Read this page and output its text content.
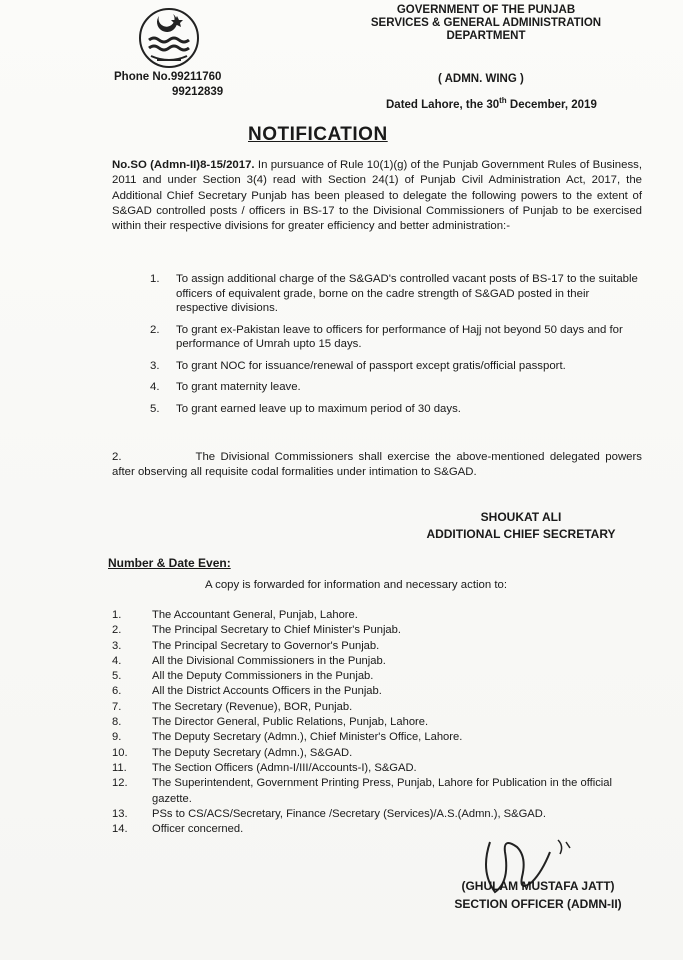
Phone No.99211760
99212839
GOVERNMENT OF THE PUNJAB
SERVICES & GENERAL ADMINISTRATION
DEPARTMENT
( ADMN. WING )
Dated Lahore, the 30th December, 2019
NOTIFICATION
No.SO (Admn-II)8-15/2017. In pursuance of Rule 10(1)(g) of the Punjab Government Rules of Business, 2011 and under Section 3(4) read with Section 24(1) of Punjab Civil Administration Act, 2017, the Additional Chief Secretary Punjab has been pleased to delegate the following powers to the extent of S&GAD controlled posts / officers in BS-17 to the Divisional Commissioners of Punjab to be exercised within their respective divisions for greater efficiency and better administration:-
1.	To assign additional charge of the S&GAD's controlled vacant posts of BS-17 to the suitable officers of equivalent grade, borne on the cadre strength of S&GAD posted in their respective divisions.
2.	To grant ex-Pakistan leave to officers for performance of Hajj not beyond 50 days and for performance of Umrah upto 15 days.
3.	To grant NOC for issuance/renewal of passport except gratis/official passport.
4.	To grant maternity leave.
5.	To grant earned leave up to maximum period of 30 days.
2.	The Divisional Commissioners shall exercise the above-mentioned delegated powers after observing all requisite codal formalities under intimation to S&GAD.
SHOUKAT ALI
ADDITIONAL CHIEF SECRETARY
Number & Date Even:
A copy is forwarded for information and necessary action to:
1.	The Accountant General, Punjab, Lahore.
2.	The Principal Secretary to Chief Minister's Punjab.
3.	The Principal Secretary to Governor's Punjab.
4.	All the Divisional Commissioners in the Punjab.
5.	All the Deputy Commissioners in the Punjab.
6.	All the District Accounts Officers in the Punjab.
7.	The Secretary (Revenue), BOR, Punjab.
8.	The Director General, Public Relations, Punjab, Lahore.
9.	The Deputy Secretary (Admn.), Chief Minister's Office, Lahore.
10.	The Deputy Secretary (Admn.), S&GAD.
11.	The Section Officers (Admn-I/III/Accounts-I), S&GAD.
12.	The Superintendent, Government Printing Press, Punjab, Lahore for Publication in the official gazette.
13.	PSs to CS/ACS/Secretary, Finance /Secretary (Services)/A.S.(Admn.), S&GAD.
14.	Officer concerned.
(GHULAM MUSTAFA JATT)
SECTION OFFICER (ADMN-II)
